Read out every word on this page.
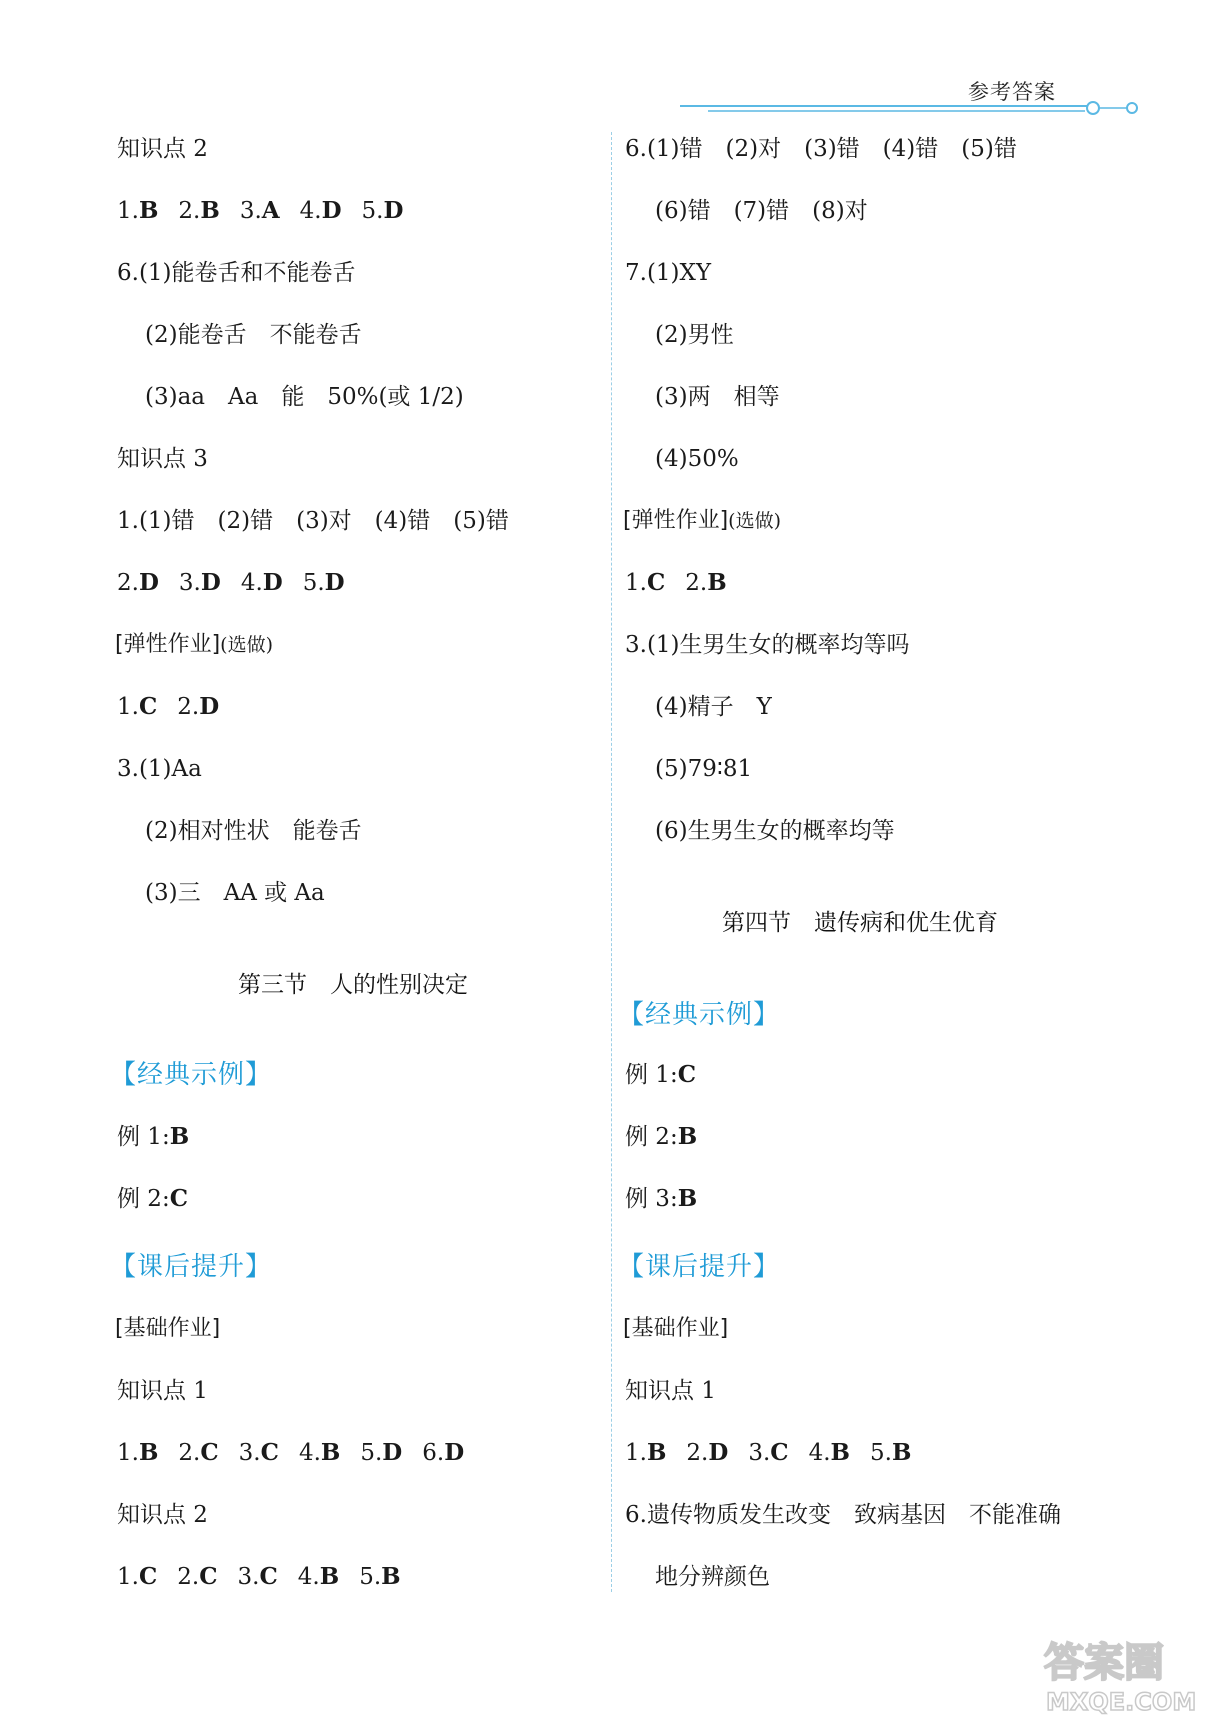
参考答案
知识点 2
1.B 2.B 3.A 4.D 5.D
6.(1)能卷舌和不能卷舌
(2)能卷舌　不能卷舌
(3)aa　Aa　能　50%(或 1/2)
知识点 3
1.(1)错　(2)错　(3)对　(4)错　(5)错
2.D 3.D 4.D 5.D
[弹性作业](选做)
1.C 2.D
3.(1)Aa
(2)相对性状　能卷舌
(3)三　AA 或 Aa
第三节　人的性别决定
【经典示例】
例 1:B
例 2:C
【课后提升】
[基础作业]
知识点 1
1.B 2.C 3.C 4.B 5.D 6.D
知识点 2
1.C 2.C 3.C 4.B 5.B
6.(1)错　(2)对　(3)错　(4)错　(5)错
(6)错　(7)错　(8)对
7.(1)XY
(2)男性
(3)两　相等
(4)50%
[弹性作业](选做)
1.C 2.B
3.(1)生男生女的概率均等吗
(4)精子　Y
(5)79∶81
(6)生男生女的概率均等
第四节　遗传病和优生优育
【经典示例】
例 1:C
例 2:B
例 3:B
【课后提升】
[基础作业]
知识点 1
1.B 2.D 3.C 4.B 5.B
6.遗传物质发生改变　致病基因　不能准确
地分辨颜色
答案圈
MXQE.COM
